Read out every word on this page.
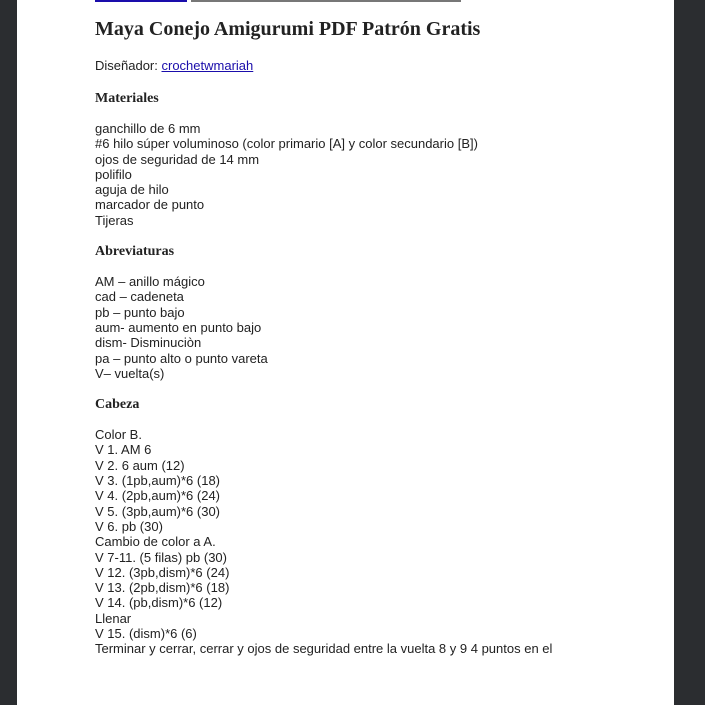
Maya Conejo Amigurumi PDF Patrón Gratis

Diseñador: crochetwmariah

Materiales
ganchillo de 6 mm
#6 hilo súper voluminoso (color primario [A] y color secundario [B])
ojos de seguridad de 14 mm
polifilo
aguja de hilo
marcador de punto
Tijeras
Abreviaturas
AM – anillo mágico
cad – cadeneta
pb – punto bajo
aum- aumento en punto bajo
dism- Disminuciòn
pa – punto alto o punto vareta
V– vuelta(s)
Cabeza
Color B.
V 1. AM 6
V 2. 6 aum (12)
V 3. (1pb,aum)*6 (18)
V 4. (2pb,aum)*6 (24)
V 5. (3pb,aum)*6 (30)
V 6. pb (30)
Cambio de color a A.
V 7-11. (5 filas) pb (30)
V 12. (3pb,dism)*6 (24)
V 13. (2pb,dism)*6 (18)
V 14. (pb,dism)*6 (12)
Llenar
V 15. (dism)*6 (6)
Terminar y cerrar, cerrar y ojos de seguridad entre la vuelta 8 y 9 4 puntos en el
